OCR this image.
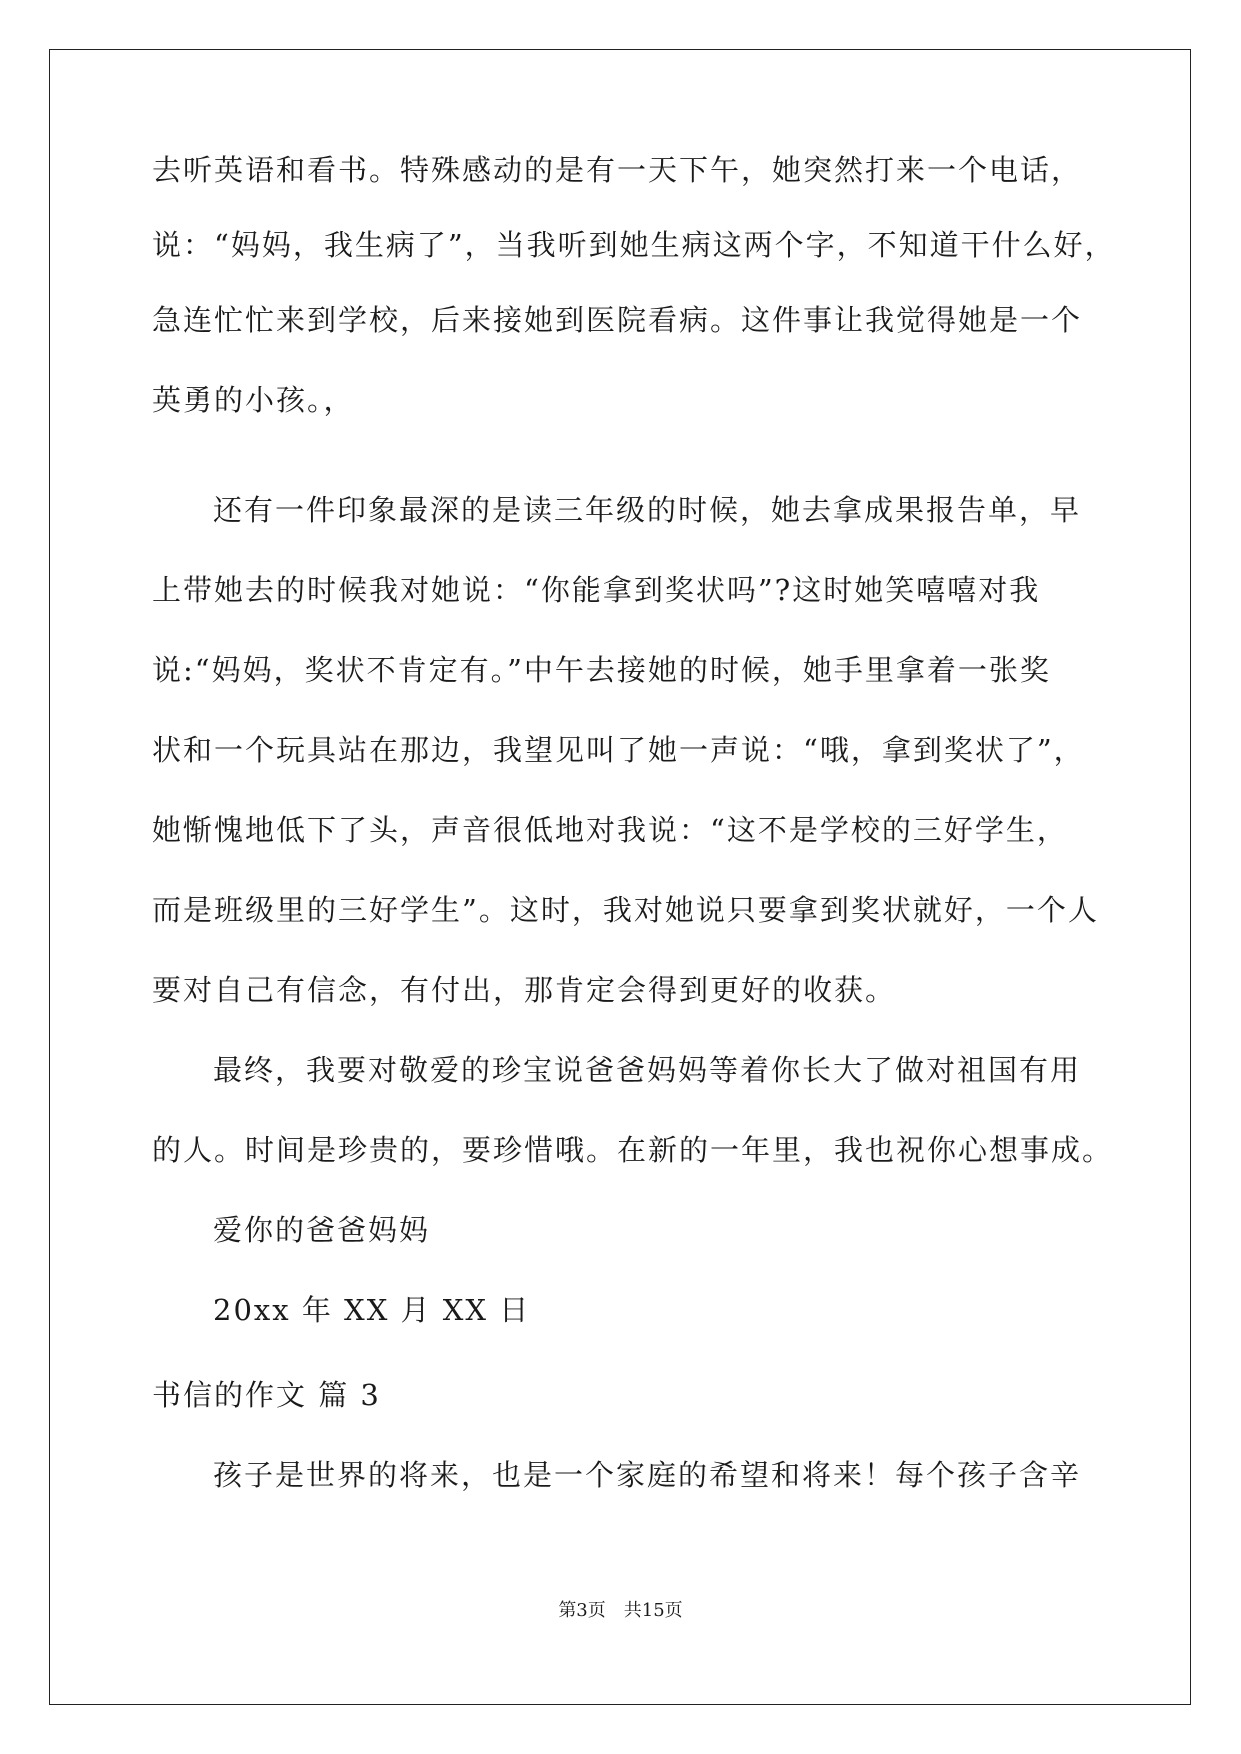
去听英语和看书。特殊感动的是有一天下午，她突然打来一个电话，
说：“妈妈，我生病了”，当我听到她生病这两个字，不知道干什么好，
急连忙忙来到学校，后来接她到医院看病。这件事让我觉得她是一个
英勇的小孩。，
还有一件印象最深的是读三年级的时候，她去拿成果报告单，早
上带她去的时候我对她说：“你能拿到奖状吗”?这时她笑嘻嘻对我
说:“妈妈，奖状不肯定有。”中午去接她的时候，她手里拿着一张奖
状和一个玩具站在那边，我望见叫了她一声说：“哦，拿到奖状了”，
她惭愧地低下了头，声音很低地对我说：“这不是学校的三好学生，
而是班级里的三好学生”。这时，我对她说只要拿到奖状就好，一个人
要对自己有信念，有付出，那肯定会得到更好的收获。
最终，我要对敬爱的珍宝说爸爸妈妈等着你长大了做对祖国有用
的人。时间是珍贵的，要珍惜哦。在新的一年里，我也祝你心想事成。
爱你的爸爸妈妈
20xx 年 XX 月 XX 日
书信的作文 篇 3
孩子是世界的将来，也是一个家庭的希望和将来！每个孩子含辛
第3页　共15页
